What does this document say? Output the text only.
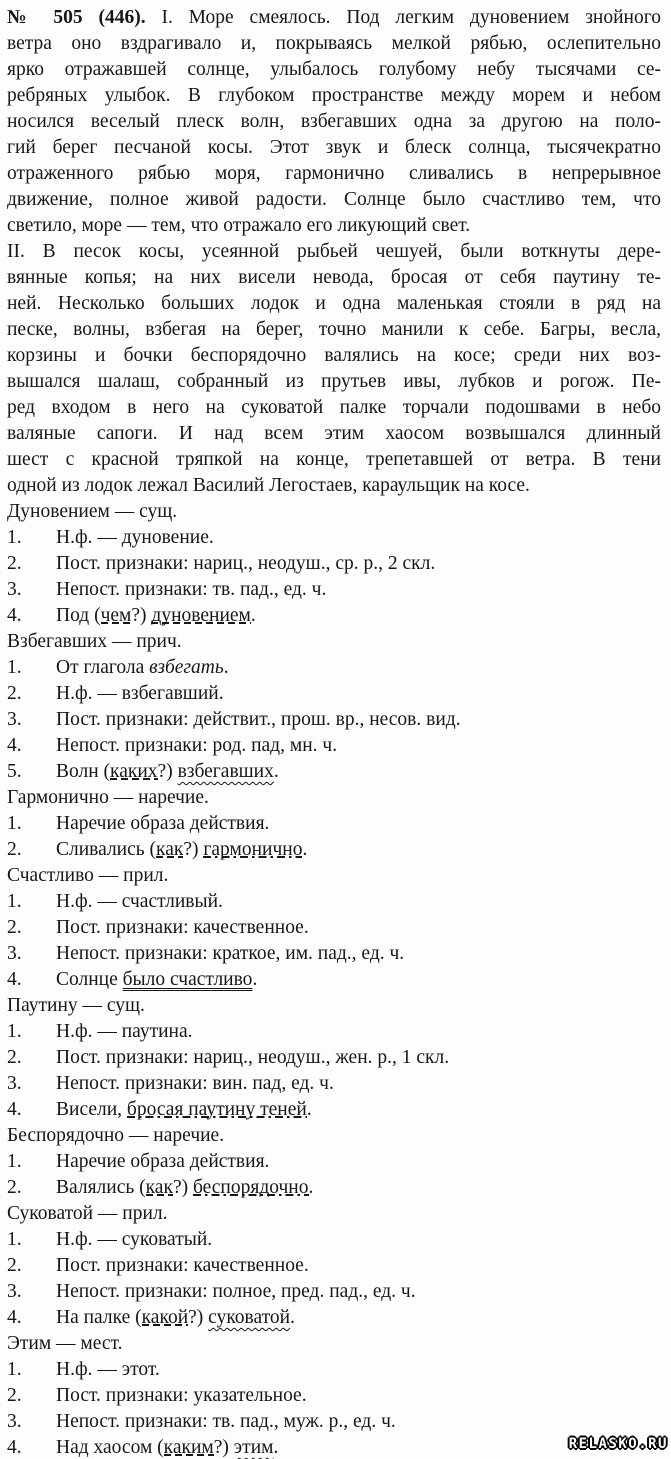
№ 505 (446). I. Море смеялось. Под легким дуновением знойного
ветра оно вздрагивало и, покрываясь мелкой рябью, ослепительно
ярко отражавшей солнце, улыбалось голубому небу тысячами се-
ребряных улыбок. В глубоком пространстве между морем и небом
носился веселый плеск волн, взбегавших одна за другою на поло-
гий берег песчаной косы. Этот звук и блеск солнца, тысячекратно
отраженного рябью моря, гармонично сливались в непрерывное
движение, полное живой радости. Солнце было счастливо тем, что
светило, море — тем, что отражало его ликующий свет.
II. В песок косы, усеянной рыбьей чешуей, были воткнуты дере-
вянные копья; на них висели невода, бросая от себя паутину те-
ней. Несколько больших лодок и одна маленькая стояли в ряд на
песке, волны, взбегая на берег, точно манили к себе. Багры, весла,
корзины и бочки беспорядочно валялись на косе; среди них воз-
вышался шалаш, собранный из прутьев ивы, лубков и рогож. Пе-
ред входом в него на суковатой палке торчали подошвами в небо
валяные сапоги. И над всем этим хаосом возвышался длинный
шест с красной тряпкой на конце, трепетавшей от ветра. В тени
одной из лодок лежал Василий Легостаев, караульщик на косе.
Дуновением — сущ.
1.	Н.ф. — дуновение.
2.	Пост. признаки: нариц., неодуш., ср. р., 2 скл.
3.	Непост. признаки: тв. пад., ед. ч.
4.	Под (чем?) дуновением.
Взбегавших — прич.
1.	От глагола взбегать.
2.	Н.ф. — взбегавший.
3.	Пост. признаки: действит., прош. вр., несов. вид.
4.	Непост. признаки: род. пад, мн. ч.
5.	Волн (каких?) взбегавших.
Гармонично — наречие.
1.	Наречие образа действия.
2.	Сливались (как?) гармонично.
Счастливо — прил.
1.	Н.ф. — счастливый.
2.	Пост. признаки: качественное.
3.	Непост. признаки: краткое, им. пад., ед. ч.
4.	Солнце было счастливо.
Паутину — сущ.
1.	Н.ф. — паутина.
2.	Пост. признаки: нариц., неодуш., жен. р., 1 скл.
3.	Непост. признаки: вин. пад, ед. ч.
4.	Висели, бросая паутину теней.
Беспорядочно — наречие.
1.	Наречие образа действия.
2.	Валялись (как?) беспорядочно.
Суковатой — прил.
1.	Н.ф. — суковатый.
2.	Пост. признаки: качественное.
3.	Непост. признаки: полное, пред. пад., ед. ч.
4.	На палке (какой?) суковатой.
Этим — мест.
1.	Н.ф. — этот.
2.	Пост. признаки: указательное.
3.	Непост. признаки: тв. пад., муж. р., ед. ч.
4.	Над хаосом (каким?) этим.	RELASKO.RU
